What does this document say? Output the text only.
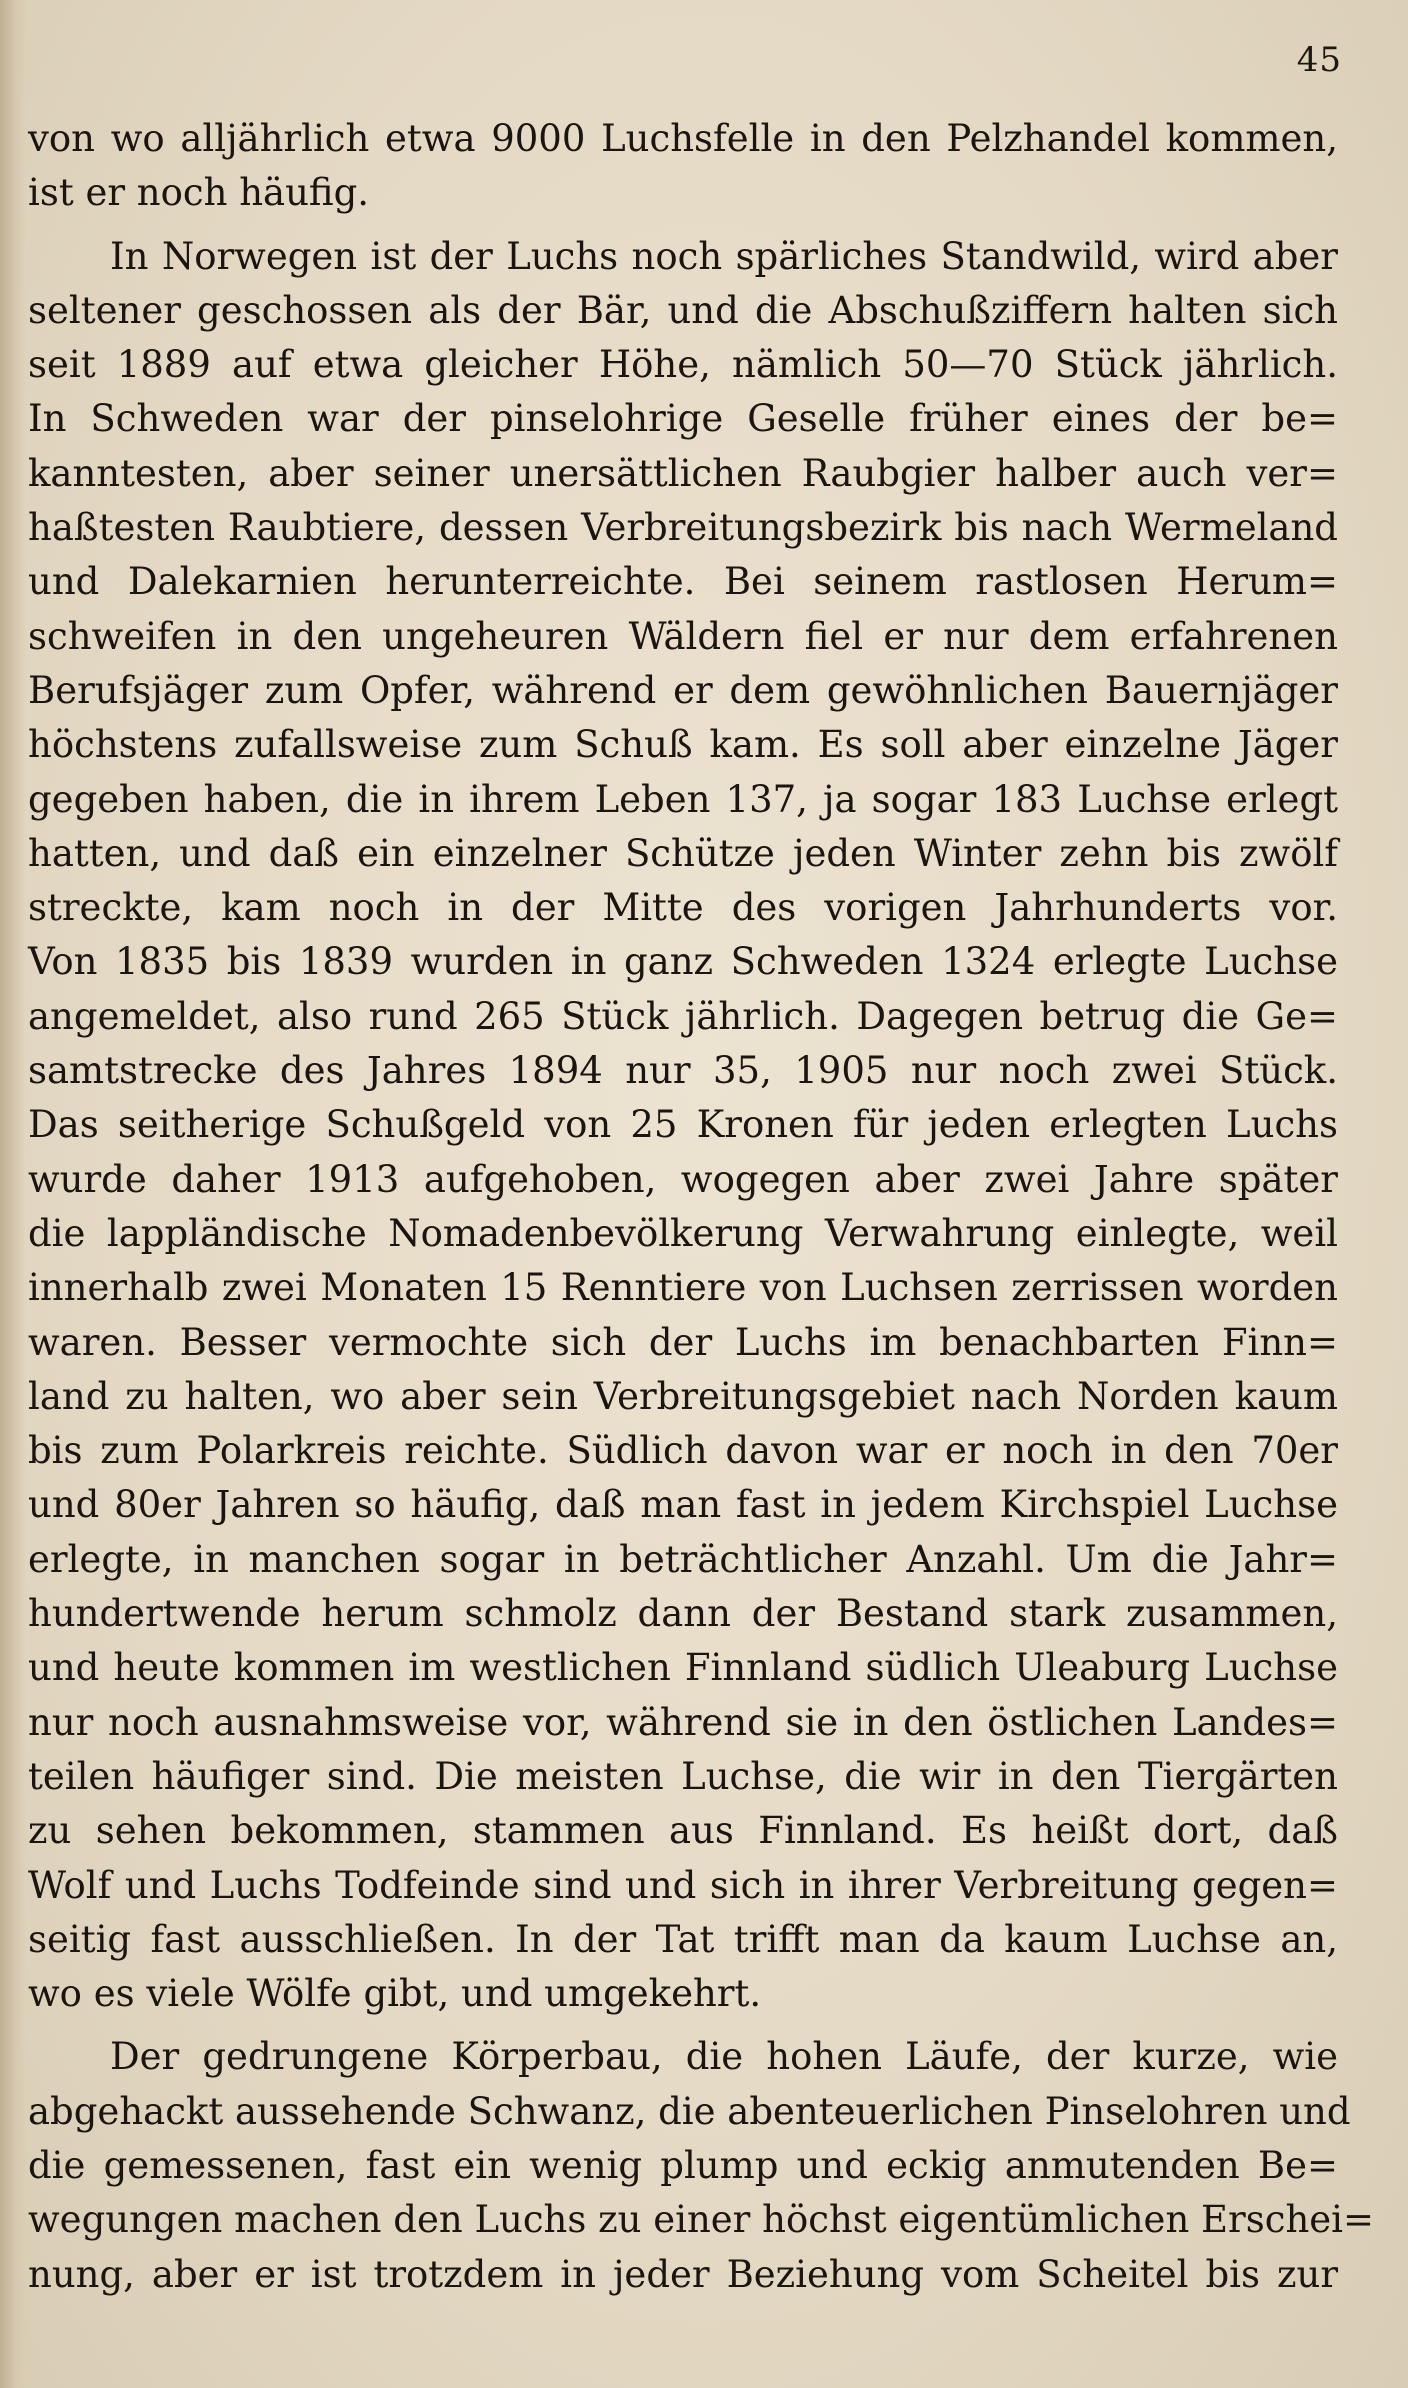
45
von wo alljährlich etwa 9000 Luchsfelle in den Pelzhandel kommen,
ist er noch häufig.
In Norwegen ist der Luchs noch spärliches Standwild, wird aber
seltener geschossen als der Bär, und die Abschußziffern halten sich
seit 1889 auf etwa gleicher Höhe, nämlich 50—70 Stück jährlich.
In Schweden war der pinselohrige Geselle früher eines der be=
kanntesten, aber seiner unersättlichen Raubgier halber auch ver=
haßtesten Raubtiere, dessen Verbreitungsbezirk bis nach Wermeland
und Dalekarnien herunterreichte. Bei seinem rastlosen Herum=
schweifen in den ungeheuren Wäldern fiel er nur dem erfahrenen
Berufsjäger zum Opfer, während er dem gewöhnlichen Bauernjäger
höchstens zufallsweise zum Schuß kam. Es soll aber einzelne Jäger
gegeben haben, die in ihrem Leben 137, ja sogar 183 Luchse erlegt
hatten, und daß ein einzelner Schütze jeden Winter zehn bis zwölf
streckte, kam noch in der Mitte des vorigen Jahrhunderts vor.
Von 1835 bis 1839 wurden in ganz Schweden 1324 erlegte Luchse
angemeldet, also rund 265 Stück jährlich. Dagegen betrug die Ge=
samtstrecke des Jahres 1894 nur 35, 1905 nur noch zwei Stück.
Das seitherige Schußgeld von 25 Kronen für jeden erlegten Luchs
wurde daher 1913 aufgehoben, wogegen aber zwei Jahre später
die lappländische Nomadenbevölkerung Verwahrung einlegte, weil
innerhalb zwei Monaten 15 Renntiere von Luchsen zerrissen worden
waren. Besser vermochte sich der Luchs im benachbarten Finn=
land zu halten, wo aber sein Verbreitungsgebiet nach Norden kaum
bis zum Polarkreis reichte. Südlich davon war er noch in den 70er
und 80er Jahren so häufig, daß man fast in jedem Kirchspiel Luchse
erlegte, in manchen sogar in beträchtlicher Anzahl. Um die Jahr=
hundertwende herum schmolz dann der Bestand stark zusammen,
und heute kommen im westlichen Finnland südlich Uleaburg Luchse
nur noch ausnahmsweise vor, während sie in den östlichen Landes=
teilen häufiger sind. Die meisten Luchse, die wir in den Tiergärten
zu sehen bekommen, stammen aus Finnland. Es heißt dort, daß
Wolf und Luchs Todfeinde sind und sich in ihrer Verbreitung gegen=
seitig fast ausschließen. In der Tat trifft man da kaum Luchse an,
wo es viele Wölfe gibt, und umgekehrt.
Der gedrungene Körperbau, die hohen Läufe, der kurze, wie
abgehackt aussehende Schwanz, die abenteuerlichen Pinselohren und
die gemessenen, fast ein wenig plump und eckig anmutenden Be=
wegungen machen den Luchs zu einer höchst eigentümlichen Erschei=
nung, aber er ist trotzdem in jeder Beziehung vom Scheitel bis zur
